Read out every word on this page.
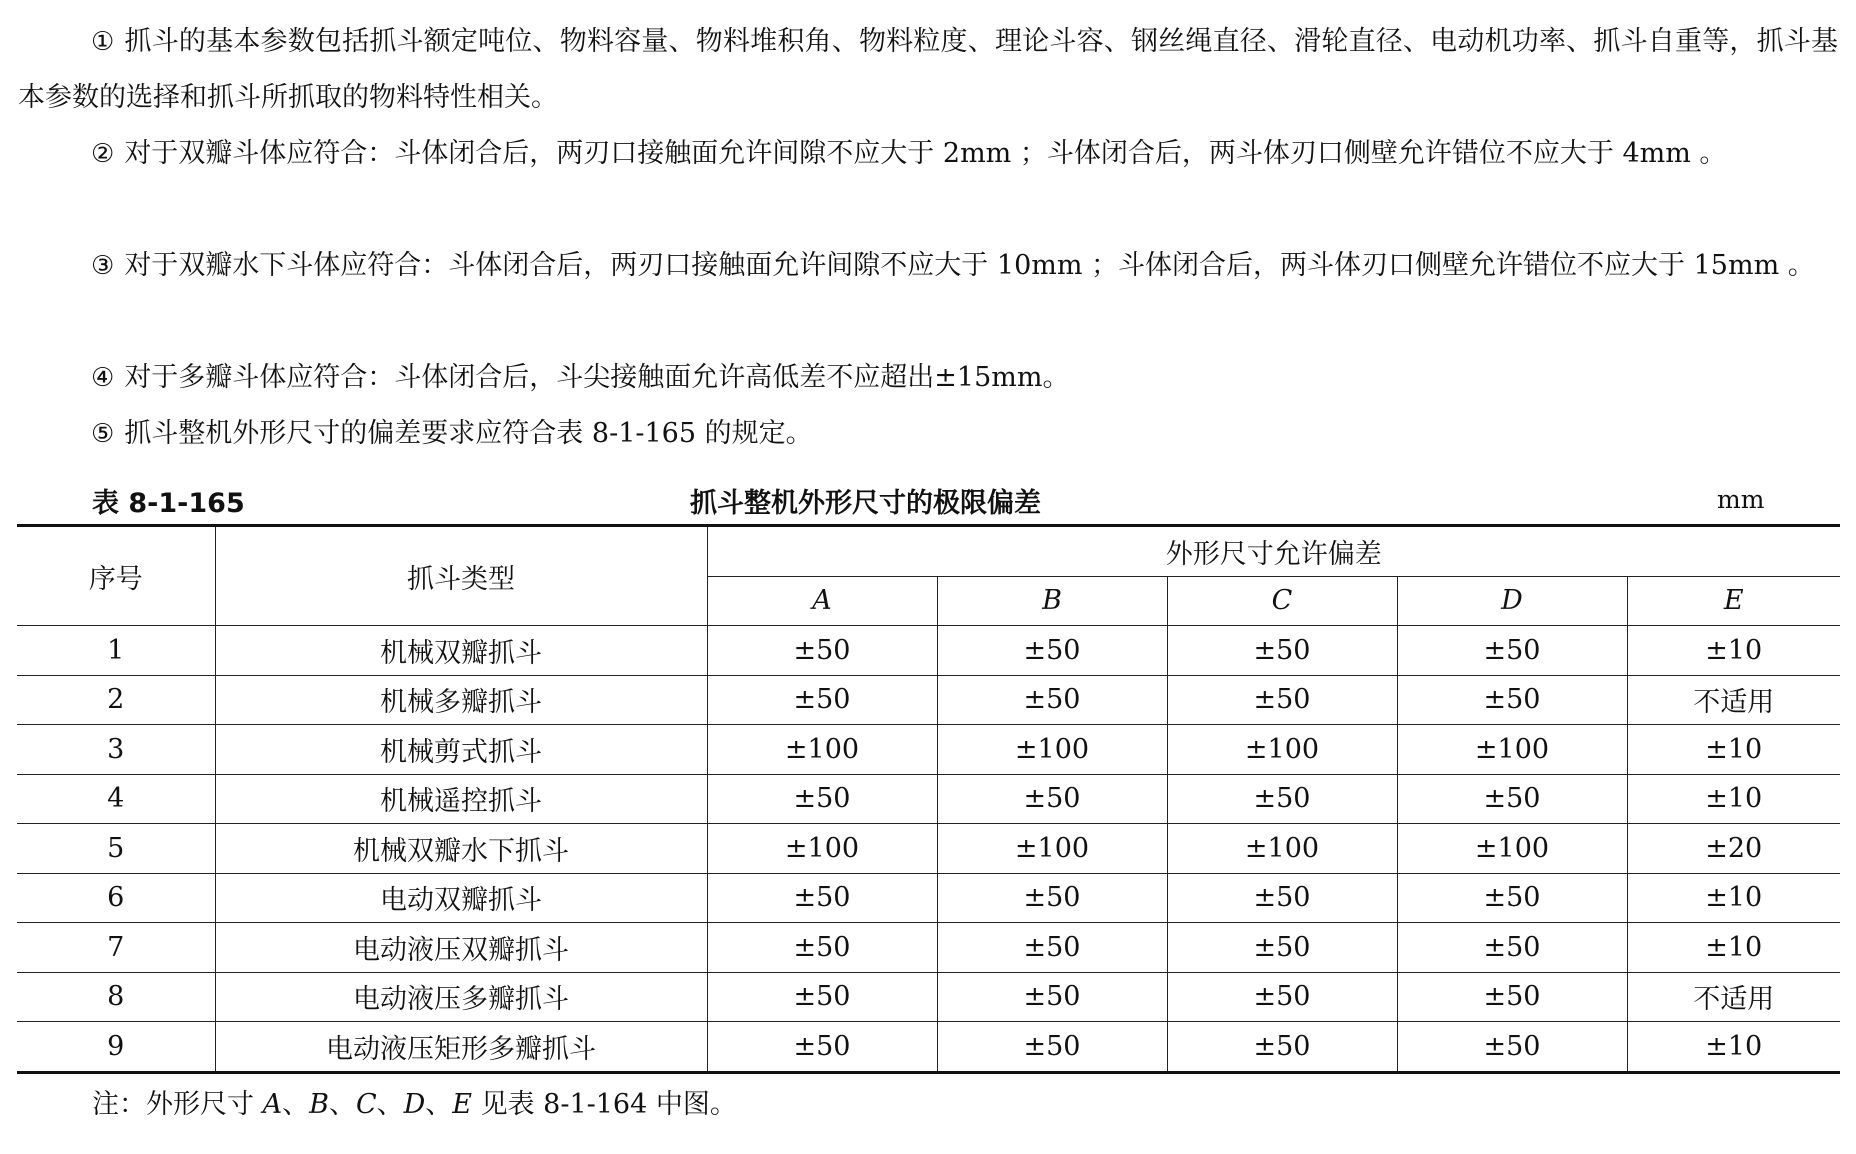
① 抓斗的基本参数包括抓斗额定吨位、物料容量、物料堆积角、物料粒度、理论斗容、钢丝绳直径、滑轮直径、电动机功率、抓斗自重等，抓斗基本参数的选择和抓斗所抓取的物料特性相关。
② 对于双瓣斗体应符合：斗体闭合后，两刃口接触面允许间隙不应大于 2mm ；斗体闭合后，两斗体刃口侧壁允许错位不应大于 4mm 。
③ 对于双瓣水下斗体应符合：斗体闭合后，两刃口接触面允许间隙不应大于 10mm ；斗体闭合后，两斗体刃口侧壁允许错位不应大于 15mm 。
④ 对于多瓣斗体应符合：斗体闭合后，斗尖接触面允许高低差不应超出±15mm。
⑤ 抓斗整机外形尺寸的偏差要求应符合表 8-1-165 的规定。
表 8-1-165	抓斗整机外形尺寸的极限偏差	mm
序号	抓斗类型	外形尺寸允许偏差				
		A	B	C	D	E
1	机械双瓣抓斗	±50	±50	±50	±50	±10
2	机械多瓣抓斗	±50	±50	±50	±50	不适用
3	机械剪式抓斗	±100	±100	±100	±100	±10
4	机械遥控抓斗	±50	±50	±50	±50	±10
5	机械双瓣水下抓斗	±100	±100	±100	±100	±20
6	电动双瓣抓斗	±50	±50	±50	±50	±10
7	电动液压双瓣抓斗	±50	±50	±50	±50	±10
8	电动液压多瓣抓斗	±50	±50	±50	±50	不适用
9	电动液压矩形多瓣抓斗	±50	±50	±50	±50	±10
注：外形尺寸 A、B、C、D、E 见表 8-1-164 中图。
